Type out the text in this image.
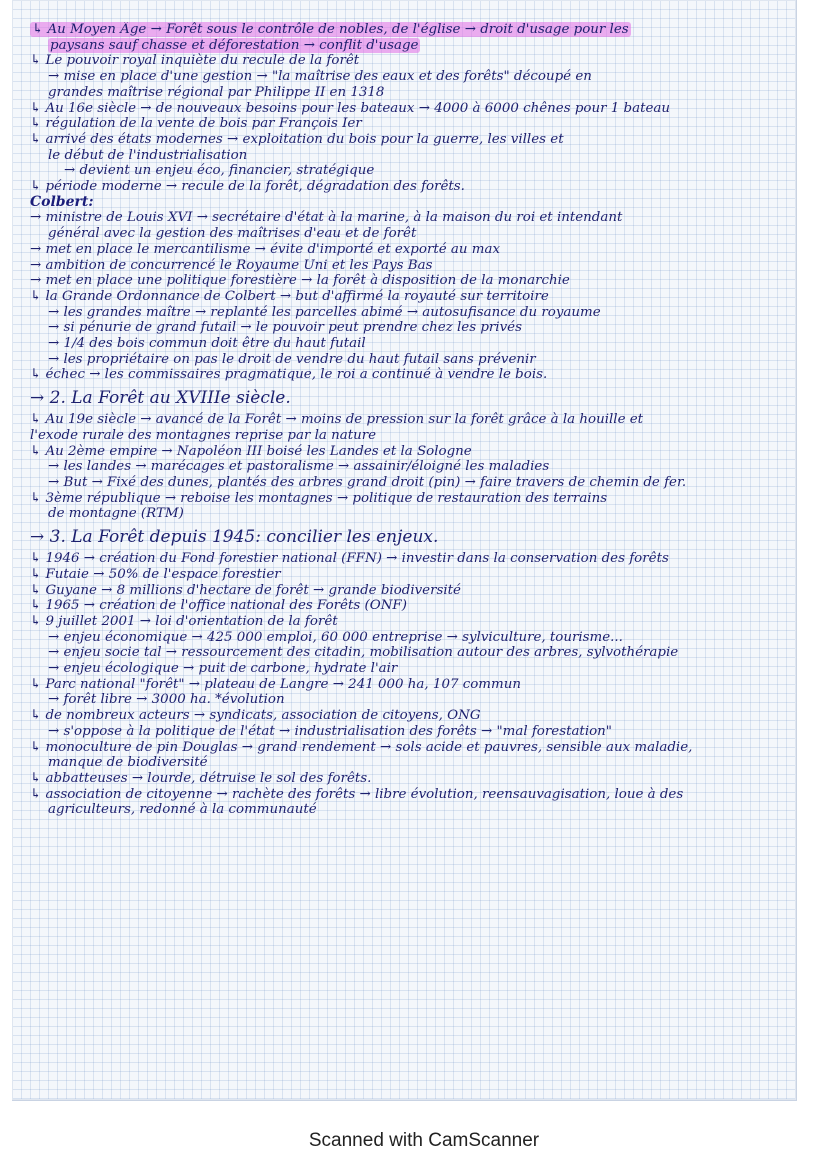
↳ Au Moyen Âge → Forêt sous le contrôle de nobles, de l'église → droit d'usage pour les
paysans sauf chasse et déforestation → conflit d'usage
↳ Le pouvoir royal inquiète du recule de la forêt
→ mise en place d'une gestion → "la maîtrise des eaux et des forêts" découpé en
grandes maîtrise régional par Philippe II en 1318
↳ Au 16e siècle → de nouveaux besoins pour les bateaux → 4000 à 6000 chênes pour 1 bateau
↳ régulation de la vente de bois par François Ier
↳ arrivé des états modernes → exploitation du bois pour la guerre, les villes et
le début de l'industrialisation
→ devient un enjeu éco, financier, stratégique
↳ période moderne → recule de la forêt, dégradation des forêts.
Colbert:
→ ministre de Louis XVI → secrétaire d'état à la marine, à la maison du roi et intendant
général avec la gestion des maîtrises d'eau et de forêt
→ met en place le mercantilisme → évite d'importé et exporté au max
→ ambition de concurrencé le Royaume Uni et les Pays Bas
→ met en place une politique forestière → la forêt à disposition de la monarchie
↳ la Grande Ordonnance de Colbert → but d'affirmé la royauté sur territoire
→ les grandes maître → replanté les parcelles abimé → autosufisance du royaume
→ si pénurie de grand futail → le pouvoir peut prendre chez les privés
→ 1/4 des bois commun doit être du haut futail
→ les propriétaire on pas le droit de vendre du haut futail sans prévenir
↳ échec → les commissaires pragmatique, le roi a continué à vendre le bois.
→ 2. La Forêt au XVIIIe siècle.
↳ Au 19e siècle → avancé de la Forêt → moins de pression sur la forêt grâce à la houille et
l'exode rurale des montagnes reprise par la nature
↳ Au 2ème empire → Napoléon III boisé les Landes et la Sologne
→ les landes → marécages et pastoralisme → assainir/éloigné les maladies
→ But → Fixé des dunes, plantés des arbres grand droit (pin) → faire travers de chemin de fer.
↳ 3ème république → reboise les montagnes → politique de restauration des terrains
de montagne (RTM)
→ 3. La Forêt depuis 1945: concilier les enjeux.
↳ 1946 → création du Fond forestier national (FFN) → investir dans la conservation des forêts
↳ Futaie → 50% de l'espace forestier
↳ Guyane → 8 millions d'hectare de forêt → grande biodiversité
↳ 1965 → création de l'office national des Forêts (ONF)
↳ 9 juillet 2001 → loi d'orientation de la forêt
→ enjeu économique → 425 000 emploi, 60 000 entreprise → sylviculture, tourisme...
→ enjeu socie tal → ressourcement des citadin, mobilisation autour des arbres, sylvothérapie
→ enjeu écologique → puit de carbone, hydrate l'air
↳ Parc national "forêt" → plateau de Langre → 241 000 ha, 107 commun
→ forêt libre → 3000 ha. *évolution
↳ de nombreux acteurs → syndicats, association de citoyens, ONG
→ s'oppose à la politique de l'état → industrialisation des forêts → "mal forestation"
↳ monoculture de pin Douglas → grand rendement → sols acide et pauvres, sensible aux maladie,
manque de biodiversité
↳ abbatteuses → lourde, détruise le sol des forêts.
↳ association de citoyenne → rachète des forêts → libre évolution, reensauvagisation, loue à des
agriculteurs, redonné à la communauté
Scanned with CamScanner
